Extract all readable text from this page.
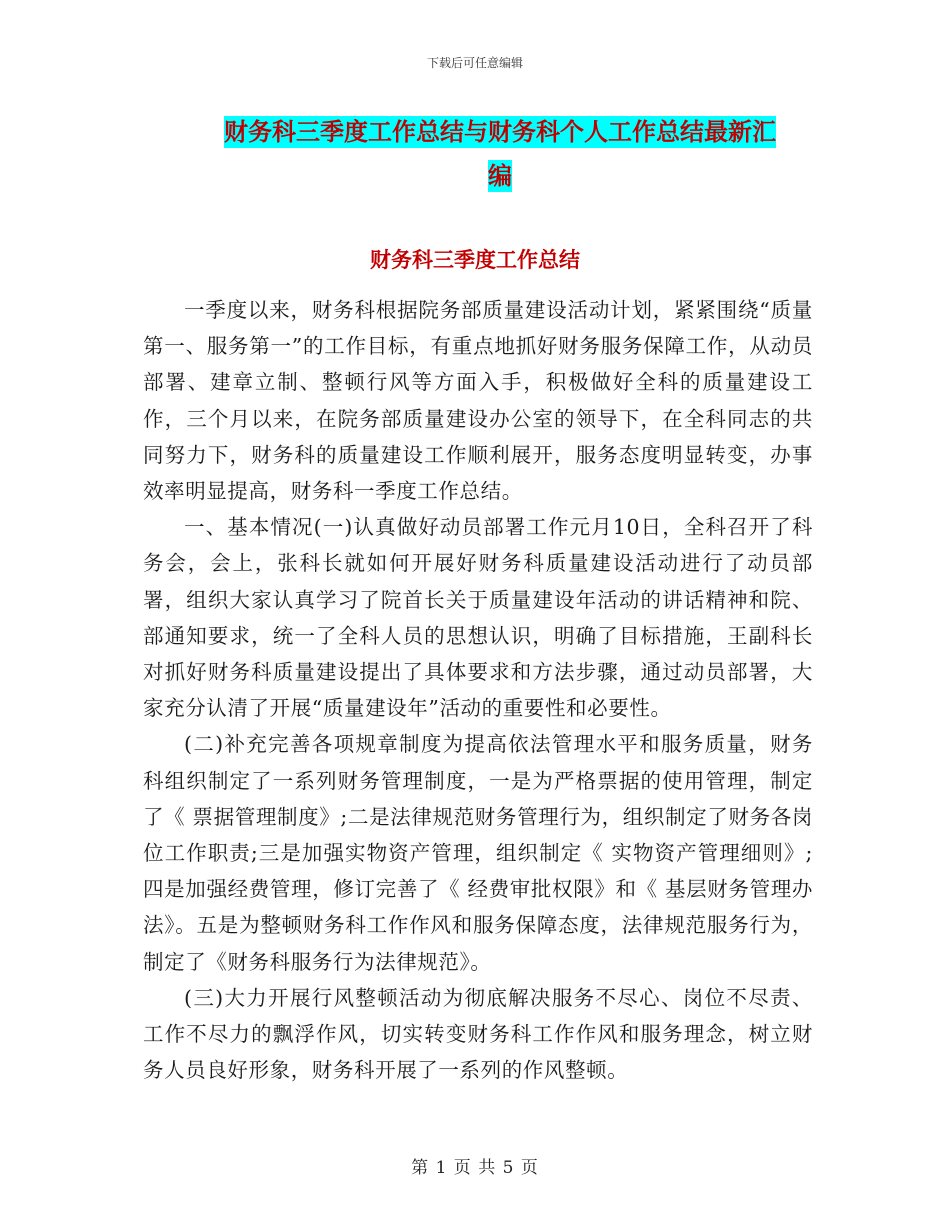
下载后可任意编辑
财务科三季度工作总结与财务科个人工作总结最新汇
编
财务科三季度工作总结

一季度以来，财务科根据院务部质量建设活动计划，紧紧围绕“质量第一、服务第一”的工作目标，有重点地抓好财务服务保障工作，从动员部署、建章立制、整顿行风等方面入手，积极做好全科的质量建设工作，三个月以来，在院务部质量建设办公室的领导下，在全科同志的共同努力下，财务科的质量建设工作顺利展开，服务态度明显转变，办事效率明显提高，财务科一季度工作总结。

一、基本情况(一)认真做好动员部署工作元月10日，全科召开了科务会，会上，张科长就如何开展好财务科质量建设活动进行了动员部署，组织大家认真学习了院首长关于质量建设年活动的讲话精神和院、部通知要求，统一了全科人员的思想认识，明确了目标措施，王副科长对抓好财务科质量建设提出了具体要求和方法步骤，通过动员部署，大家充分认清了开展“质量建设年”活动的重要性和必要性。

(二)补充完善各项规章制度为提高依法管理水平和服务质量，财务科组织制定了一系列财务管理制度，一是为严格票据的使用管理，制定了《 票据管理制度》;二是法律规范财务管理行为，组织制定了财务各岗位工作职责;三是加强实物资产管理，组织制定《 实物资产管理细则》;四是加强经费管理，修订完善了《 经费审批权限》和《 基层财务管理办法》。五是为整顿财务科工作作风和服务保障态度，法律规范服务行为，制定了《财务科服务行为法律规范》。

(三)大力开展行风整顿活动为彻底解决服务不尽心、岗位不尽责、工作不尽力的飘浮作风，切实转变财务科工作作风和服务理念，树立财务人员良好形象，财务科开展了一系列的作风整顿。

第 1 页 共 5 页
